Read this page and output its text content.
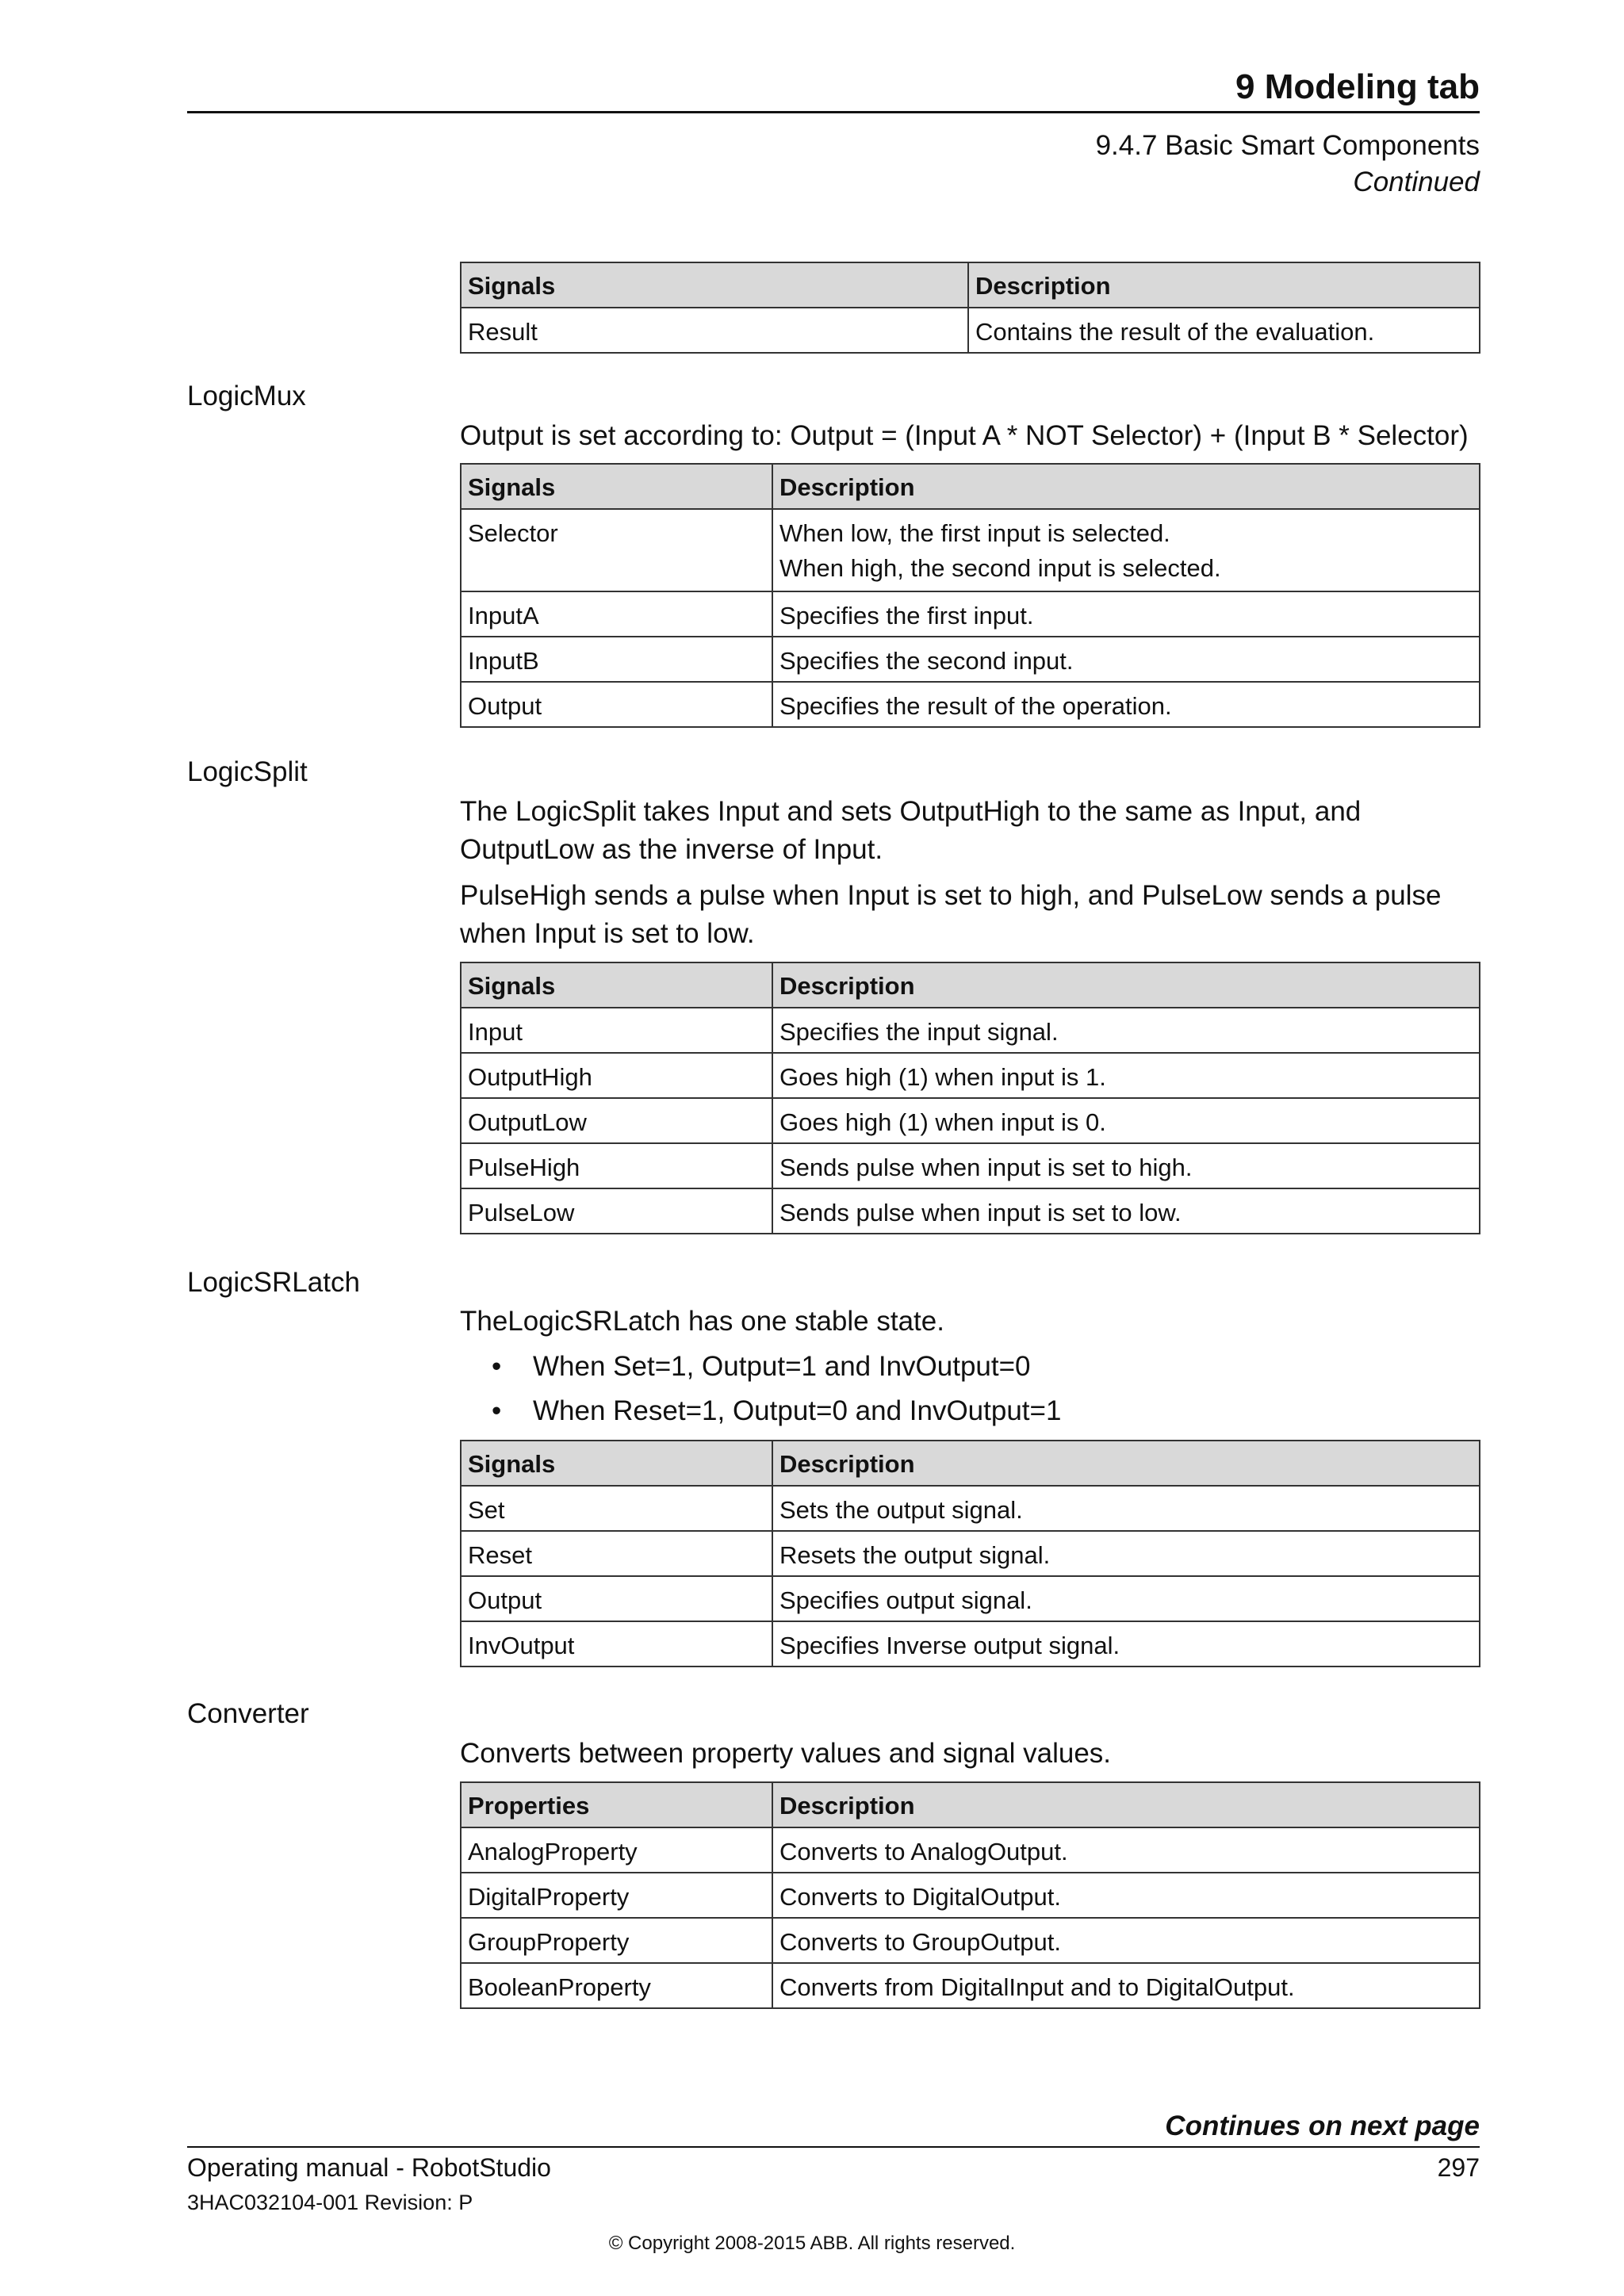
9 Modeling tab
9.4.7 Basic Smart Components
Continued
Signals	Description
Result	Contains the result of the evaluation.
LogicMux

Output is set according to: Output = (Input A * NOT Selector) + (Input B * Selector)

Signals	Description
Selector	When low, the first input is selected.
When high, the second input is selected.

InputA	Specifies the first input.
InputB	Specifies the second input.
Output	Specifies the result of the operation.
LogicSplit

The LogicSplit takes Input and sets OutputHigh to the same as Input, and OutputLow as the inverse of Input.

PulseHigh sends a pulse when Input is set to high, and PulseLow sends a pulse when Input is set to low.

Signals	Description
Input	Specifies the input signal.
OutputHigh	Goes high (1) when input is 1.
OutputLow	Goes high (1) when input is 0.
PulseHigh	Sends pulse when input is set to high.
PulseLow	Sends pulse when input is set to low.
LogicSRLatch

TheLogicSRLatch has one stable state.

• When Set=1, Output=1 and InvOutput=0
• When Reset=1, Output=0 and InvOutput=1
Signals	Description
Set	Sets the output signal.
Reset	Resets the output signal.
Output	Specifies output signal.
InvOutput	Specifies Inverse output signal.
Converter

Converts between property values and signal values.

Properties	Description
AnalogProperty	Converts to AnalogOutput.
DigitalProperty	Converts to DigitalOutput.
GroupProperty	Converts to GroupOutput.
BooleanProperty	Converts from DigitalInput and to DigitalOutput.
Continues on next page
Operating manual - RobotStudio	297
3HAC032104-001 Revision: P
© Copyright 2008-2015 ABB. All rights reserved.
